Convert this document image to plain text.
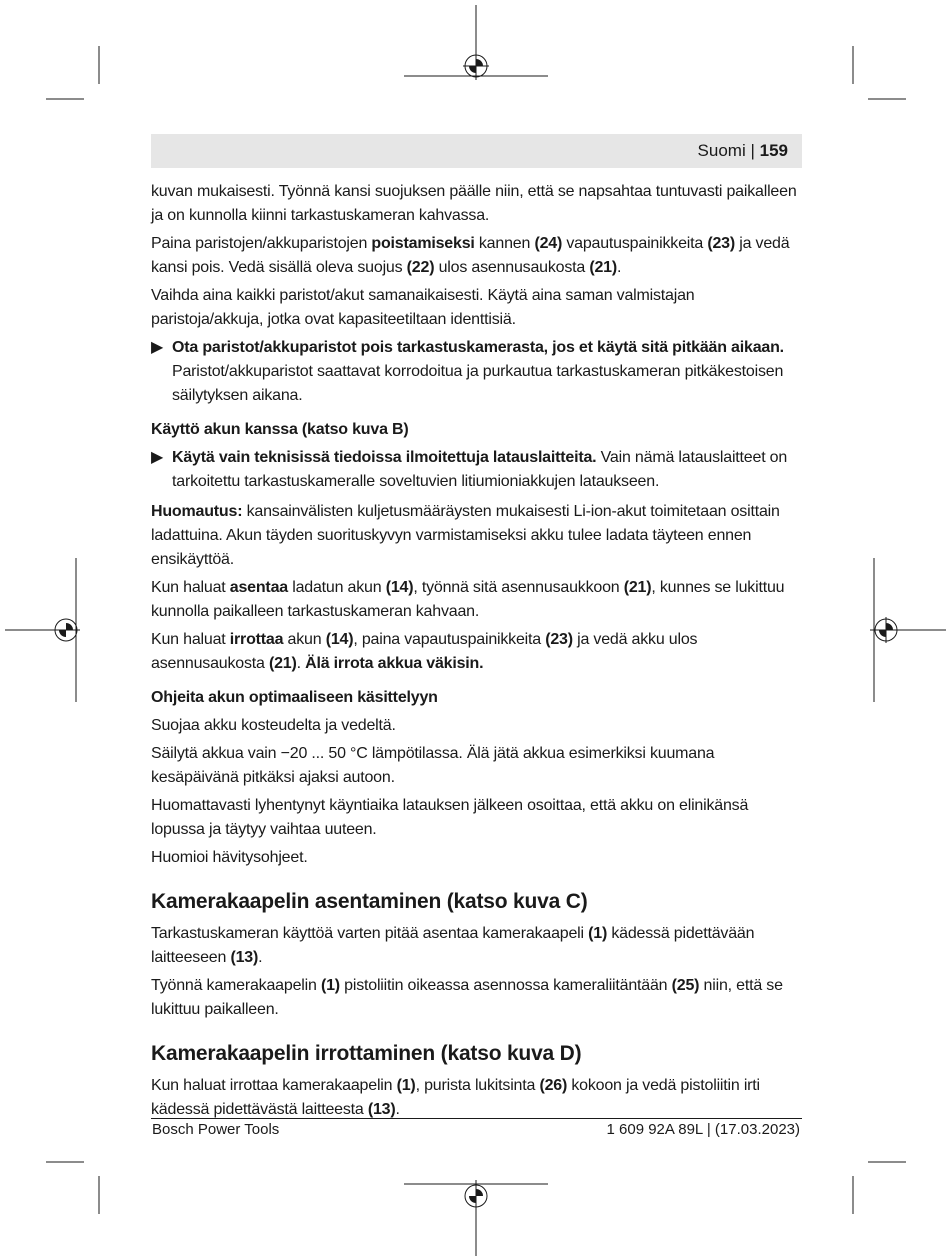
Suomi | 159

kuvan mukaisesti. Työnnä kansi suojuksen päälle niin, että se napsahtaa tuntuvasti paikalleen ja on kunnolla kiinni tarkastuskameran kahvassa.

Paina paristojen/akkuparistojen poistamiseksi kannen (24) vapautuspainikkeita (23) ja vedä kansi pois. Vedä sisällä oleva suojus (22) ulos asennusaukosta (21).

Vaihda aina kaikki paristot/akut samanaikaisesti. Käytä aina saman valmistajan paristoja/akkuja, jotka ovat kapasiteetiltaan identtisiä.

▶ Ota paristot/akkuparistot pois tarkastuskamerasta, jos et käytä sitä pitkään aikaan. Paristot/akkuparistot saattavat korrodoitua ja purkautua tarkastuskameran pitkäkestoisen säilytyksen aikana.
Käyttö akun kanssa (katso kuva B)
▶ Käytä vain teknisissä tiedoissa ilmoitettuja latauslaitteita. Vain nämä latauslaitteet on tarkoitettu tarkastuskameralle soveltuvien litiumioniakkujen lataukseen.

Huomautus: kansainvälisten kuljetusmääräysten mukaisesti Li-ion-akut toimitetaan osittain ladattuina. Akun täyden suorituskyvyn varmistamiseksi akku tulee ladata täyteen ennen ensikäyttöä.

Kun haluat asentaa ladatun akun (14), työnnä sitä asennusaukkoon (21), kunnes se lukittuu kunnolla paikalleen tarkastuskameran kahvaan.

Kun haluat irrottaa akun (14), paina vapautuspainikkeita (23) ja vedä akku ulos asennusaukosta (21). Älä irrota akkua väkisin.

Ohjeita akun optimaaliseen käsittelyyn

Suojaa akku kosteudelta ja vedeltä.

Säilytä akkua vain −20 ... 50 °C lämpötilassa. Älä jätä akkua esimerkiksi kuumana kesäpäivänä pitkäksi ajaksi autoon.

Huomattavasti lyhentynyt käyntiaika latauksen jälkeen osoittaa, että akku on elinikänsä lopussa ja täytyy vaihtaa uuteen.

Huomioi hävitysohjeet.

Kamerakaapelin asentaminen (katso kuva C)

Tarkastuskameran käyttöä varten pitää asentaa kamerakaapeli (1) kädessä pidettävään laitteeseen (13).

Työnnä kamerakaapelin (1) pistoliitin oikeassa asennossa kameraliitäntään (25) niin, että se lukittuu paikalleen.

Kamerakaapelin irrottaminen (katso kuva D)

Kun haluat irrottaa kamerakaapelin (1), purista lukitsinta (26) kokoon ja vedä pistoliitin irti kädessä pidettävästä laitteesta (13).

Bosch Power Tools	1 609 92A 89L | (17.03.2023)
